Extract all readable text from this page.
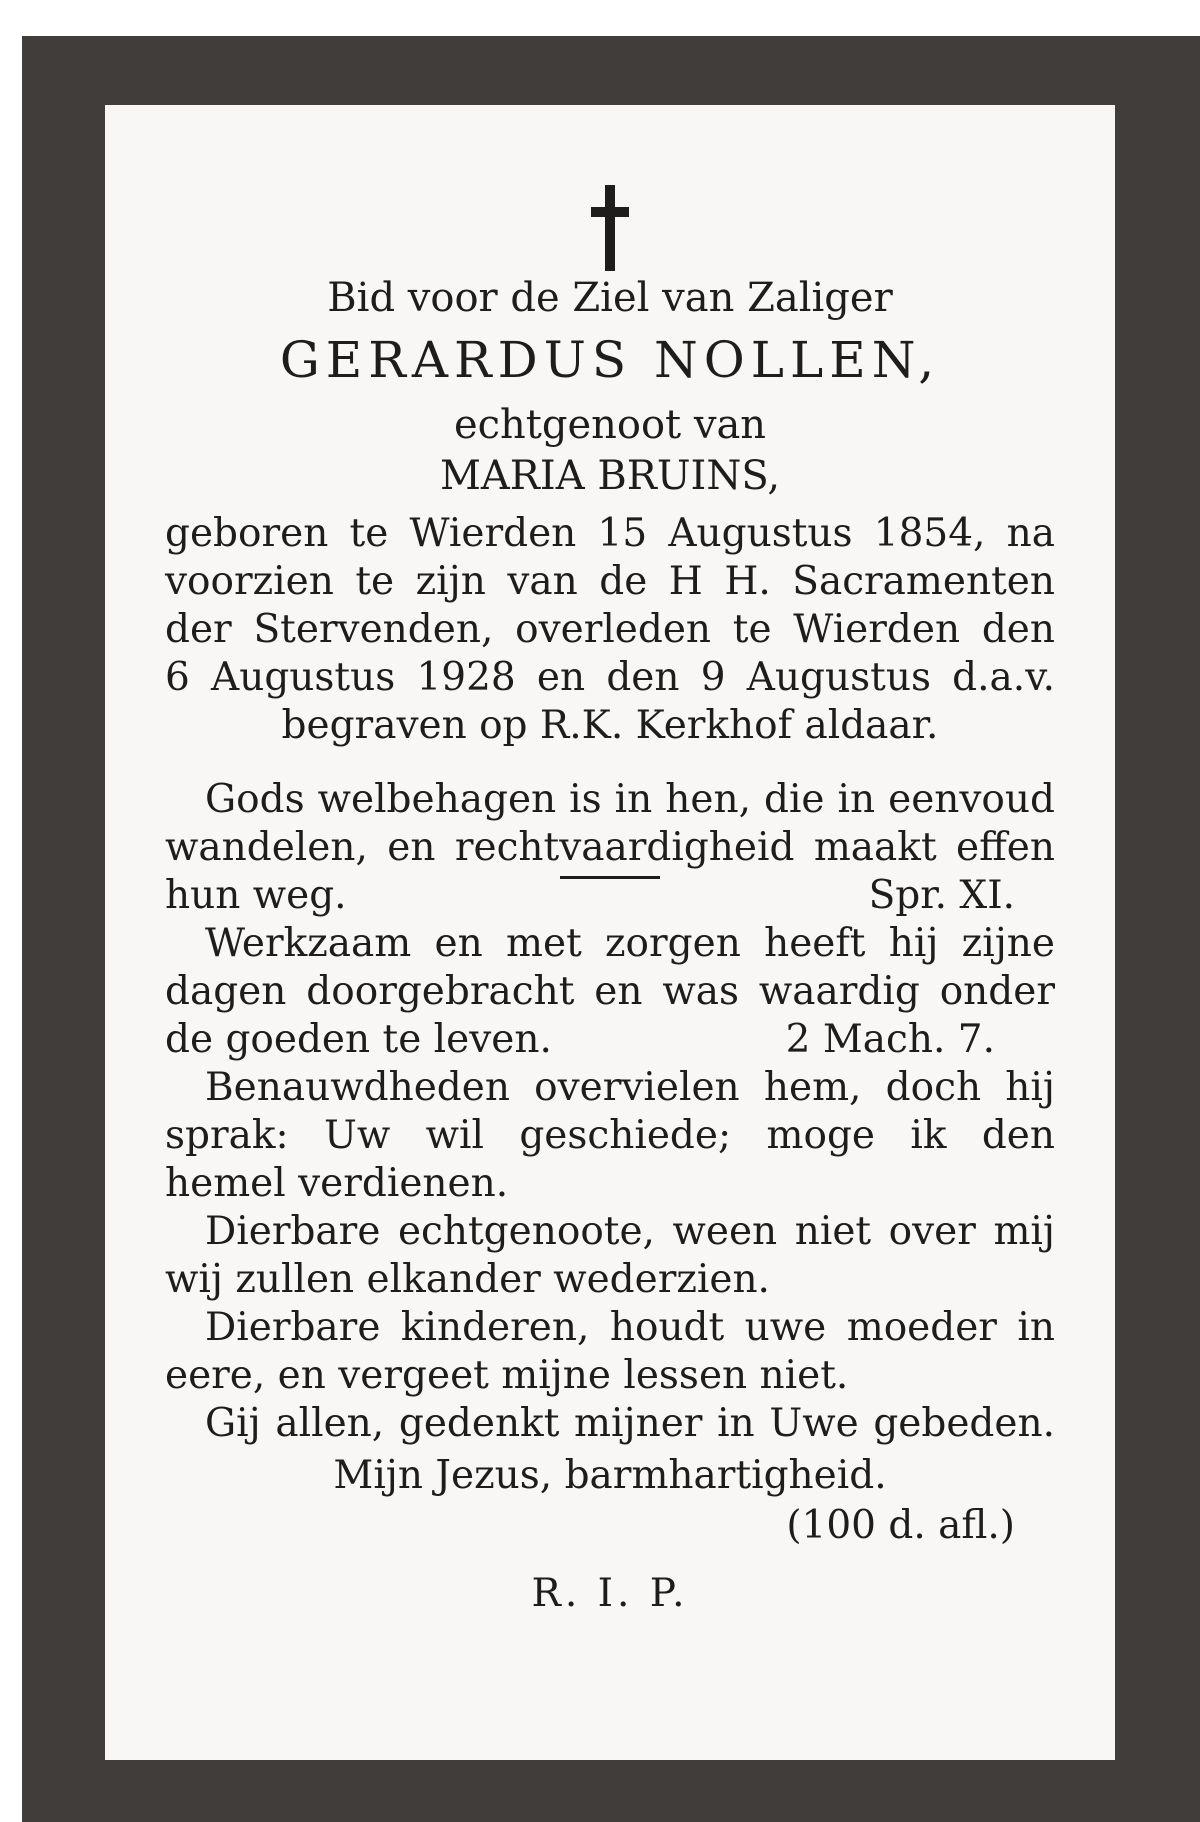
Bid voor de Ziel van Zaliger

GERARDUS NOLLEN,

echtgenoot van

MARIA BRUINS,

geboren te Wierden 15 Augustus 1854, na

voorzien te zijn van de H H. Sacramenten

der Stervenden, overleden te Wierden den

6 Augustus 1928 en den 9 Augustus d.a.v.

begraven op R.K. Kerkhof aldaar.

Gods welbehagen is in hen, die in eenvoud

wandelen, en rechtvaardigheid maakt effen

hun weg.	Spr. XI.

Werkzaam en met zorgen heeft hij zijne

dagen doorgebracht en was waardig onder

de goeden te leven.	2 Mach. 7.

Benauwdheden overvielen hem, doch hij

sprak: Uw wil geschiede; moge ik den

hemel verdienen.

Dierbare echtgenoote, ween niet over mij

wij zullen elkander wederzien.

Dierbare kinderen, houdt uwe moeder in

eere, en vergeet mijne lessen niet.

Gij allen, gedenkt mijner in Uwe gebeden.

Mijn Jezus, barmhartigheid.

(100 d. afl.)

R. I. P.
